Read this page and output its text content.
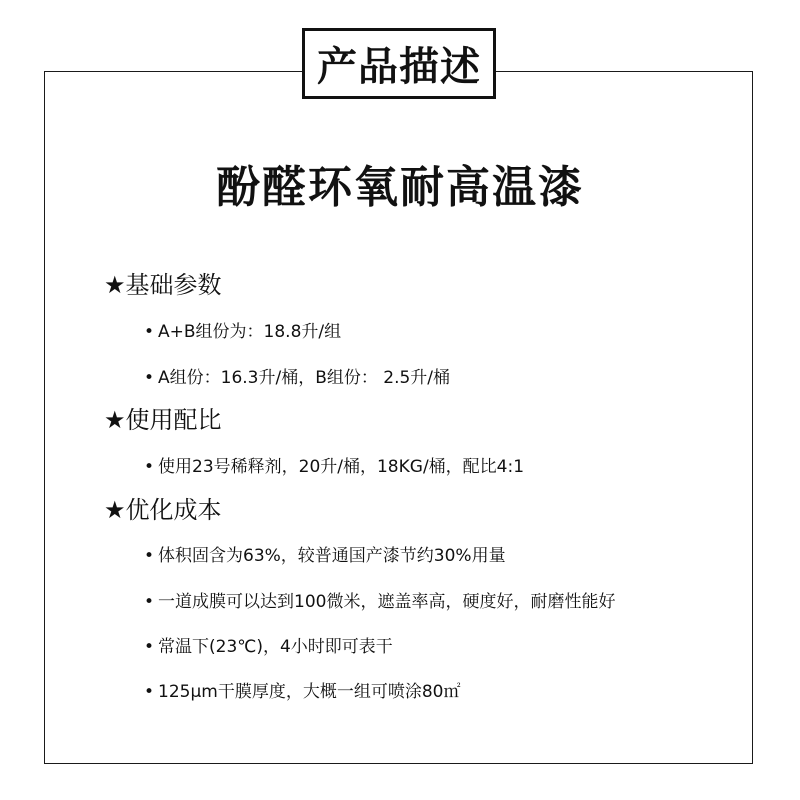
产品描述
酚醛环氧耐高温漆
★基础参数
• A+B组份为：18.8升/组
• A组份：16.3升/桶，B组份： 2.5升/桶
★使用配比
• 使用23号稀释剂，20升/桶，18KG/桶，配比4:1
★优化成本
• 体积固含为63%，较普通国产漆节约30%用量
• 一道成膜可以达到100微米，遮盖率高，硬度好，耐磨性能好
• 常温下(23℃)，4小时即可表干
• 125μm干膜厚度，大概一组可喷涂80㎡
